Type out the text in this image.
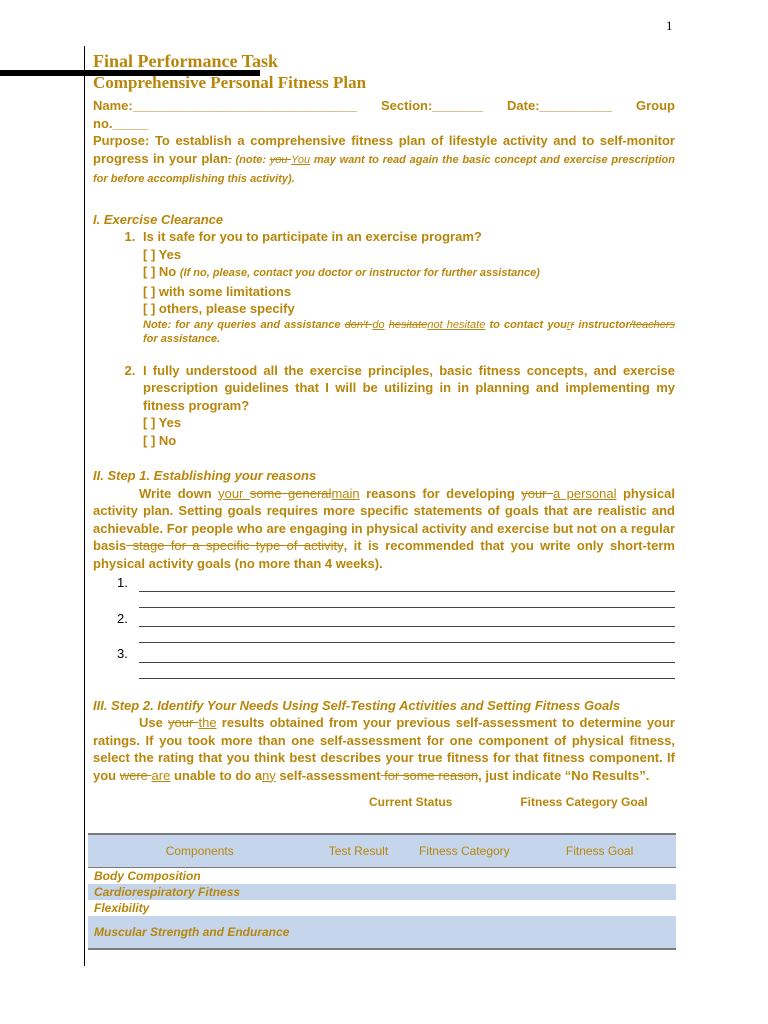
1
Final Performance Task
Comprehensive Personal Fitness Plan
Name:_______________________________ Section:_______ Date:__________ Group
no._____
Purpose: To establish a comprehensive fitness plan of lifestyle activity and to self-monitor progress in your plan. (note: you You may want to read again the basic concept and exercise prescription for before accomplishing this activity).
I. Exercise Clearance
1. Is it safe for you to participate in an exercise program?
[ ] Yes
[ ] No (If no, please, contact you doctor or instructor for further assistance)
[ ] with some limitations
[ ] others, please specify
Note: for any queries and assistance don't do hesitatenot hesitate to contact yourr instructor/teachers for assistance.
2. I fully understood all the exercise principles, basic fitness concepts, and exercise prescription guidelines that I will be utilizing in in planning and implementing my fitness program?
[ ] Yes
[ ] No
II. Step 1. Establishing your reasons
Write down your some generalmain reasons for developing your a personal physical activity plan. Setting goals requires more specific statements of goals that are realistic and achievable. For people who are engaging in physical activity and exercise but not on a regular basis stage for a specific type of activity, it is recommended that you write only short-term physical activity goals (no more than 4 weeks).
1.
2.
3.
III. Step 2. Identify Your Needs Using Self-Testing Activities and Setting Fitness Goals
Use your the results obtained from your previous self-assessment to determine your ratings. If you took more than one self-assessment for one component of physical fitness, select the rating that you think best describes your true fitness for that fitness component. If you were are unable to do any self-assessment for some reason, just indicate “No Results”.
Current Status	Fitness Category Goal
Components	Test Result	Fitness Category	Fitness Goal
Body Composition			
Cardiorespiratory Fitness			
Flexibility			
Muscular Strength and Endurance			
